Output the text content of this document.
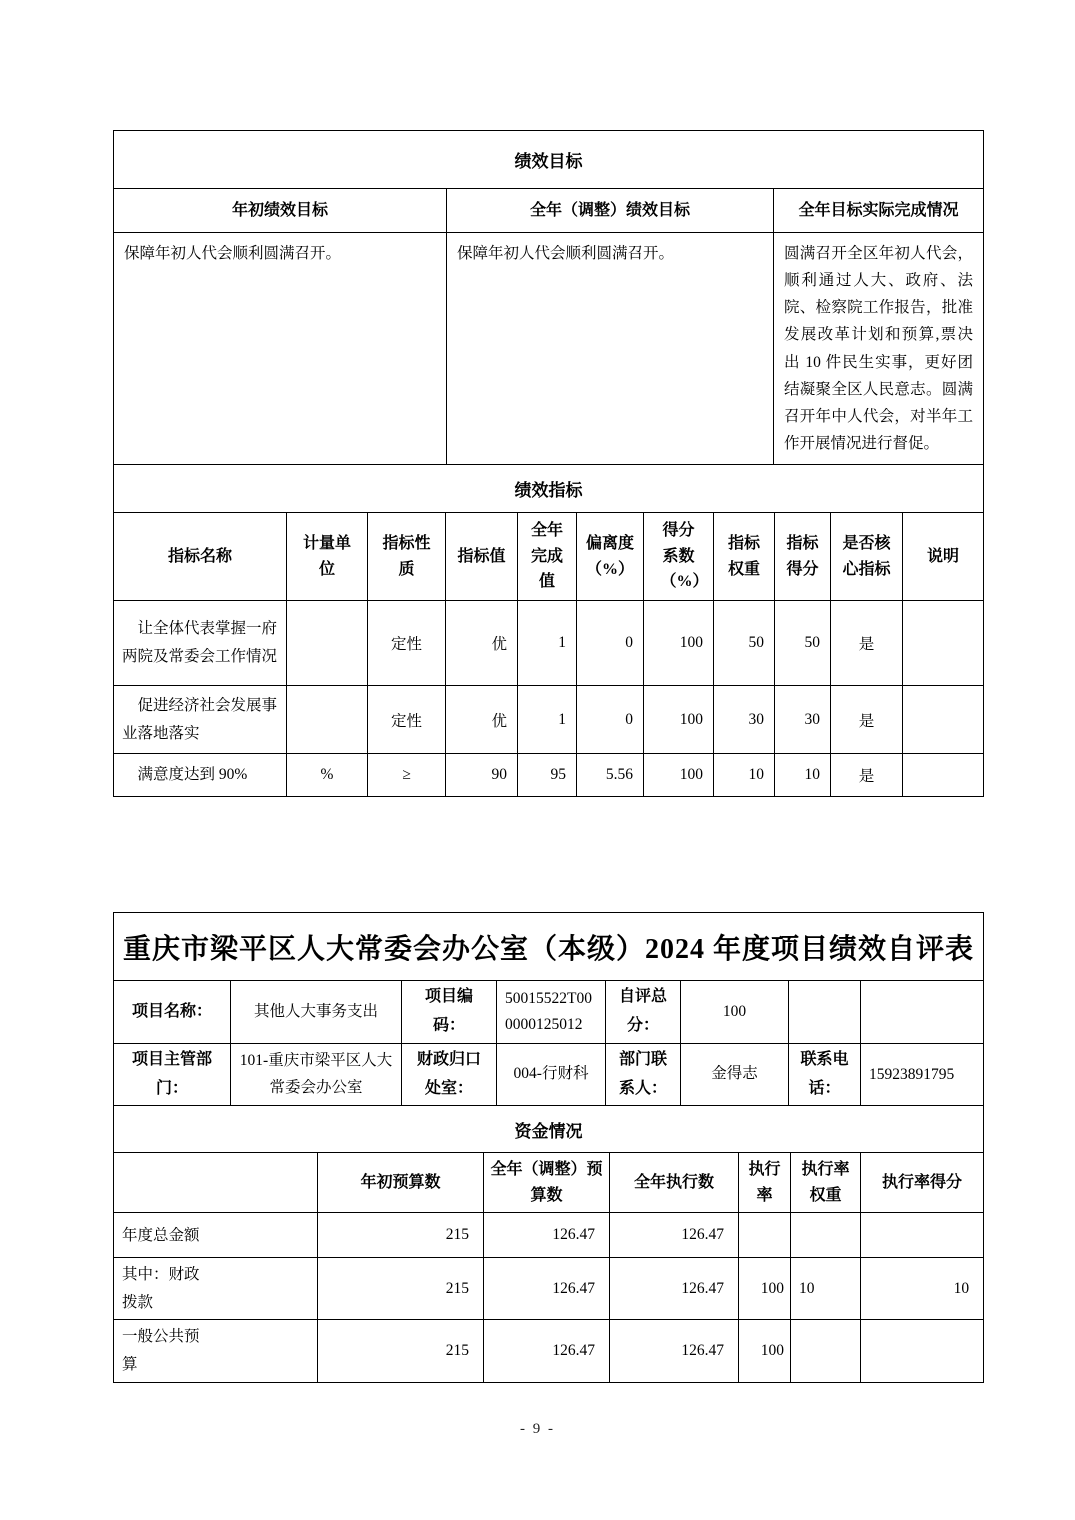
绩效目标		
年初绩效目标	全年（调整）绩效目标	全年目标实际完成情况
保障年初人代会顺利圆满召开。	保障年初人代会顺利圆满召开。	圆满召开全区年初人代会，顺利通过人大、政府、法院、检察院工作报告，批准发展改革计划和预算,票决出 10 件民生实事，更好团结凝聚全区人民意志。圆满召开年中人代会，对半年工作开展情况进行督促。
绩效指标										
指标名称	计量单位	指标性质	指标值	全年完成值	偏离度（%）	得分系数（%）	指标权重	指标得分	是否核心指标	说明
让全体代表掌握一府两院及常委会工作情况		定性	优	1	0	100	50	50	是	
促进经济社会发展事业落地落实		定性	优	1	0	100	30	30	是	
满意度达到 90%	%	≥	90	95	5.56	100	10	10	是	
重庆市梁平区人大常委会办公室（本级）2024 年度项目绩效自评表
项目名称：	其他人大事务支出	项目编码：	50015522T000000125012	自评总分：	100		
项目主管部门：	101-重庆市梁平区人大常委会办公室	财政归口处室：	004-行财科	部门联系人：	金得志	联系电话：	15923891795
资金情况						
	年初预算数	全年（调整）预算数	全年执行数	执行率	执行率权重	执行率得分
年度总金额	215	126.47	126.47			
其中：财政拨款	215	126.47	126.47	100	10	10
一般公共预算	215	126.47	126.47	100		
- 9 -
